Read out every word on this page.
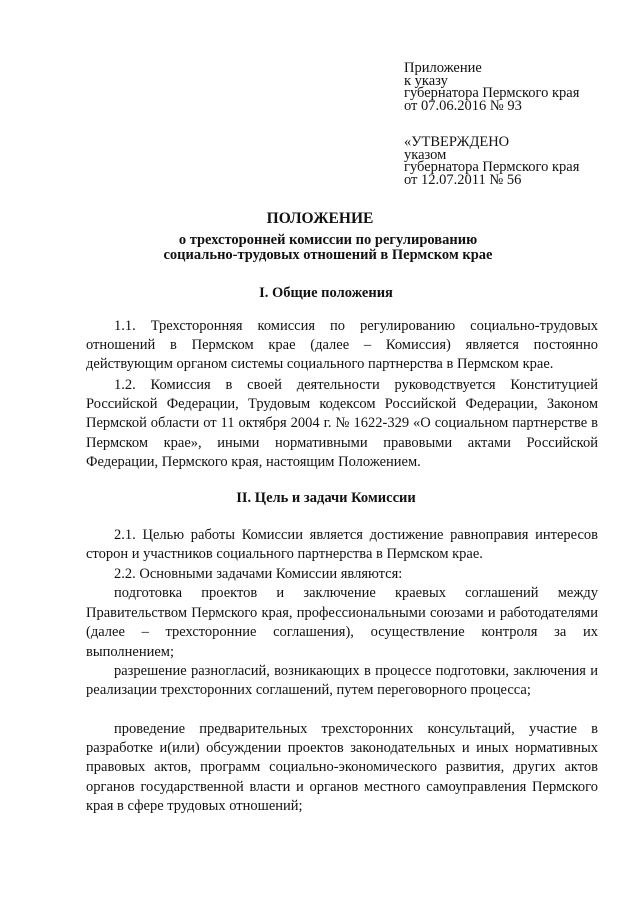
Приложение
к указу
губернатора Пермского края
от 07.06.2016 № 93
«УТВЕРЖДЕНО
указом
губернатора Пермского края
от 12.07.2011 № 56
ПОЛОЖЕНИЕ
о трехсторонней комиссии по регулированию
социально-трудовых отношений в Пермском крае
I. Общие положения
1.1. Трехсторонняя комиссия по регулированию социально-трудовых отношений в Пермском крае (далее – Комиссия) является постоянно действующим органом системы социального партнерства в Пермском крае.
1.2. Комиссия в своей деятельности руководствуется Конституцией Российской Федерации, Трудовым кодексом Российской Федерации, Законом Пермской области от 11 октября 2004 г. № 1622-329 «О социальном партнерстве в Пермском крае», иными нормативными правовыми актами Российской Федерации, Пермского края, настоящим Положением.
II. Цель и задачи Комиссии
2.1. Целью работы Комиссии является достижение равноправия интересов сторон и участников социального партнерства в Пермском крае.
2.2. Основными задачами Комиссии являются:
подготовка проектов и заключение краевых соглашений между Правительством Пермского края, профессиональными союзами и работодателями (далее – трехсторонние соглашения), осуществление контроля за их выполнением;
разрешение разногласий, возникающих в процессе подготовки, заключения и реализации трехсторонних соглашений, путем переговорного процесса;
проведение предварительных трехсторонних консультаций, участие в разработке и(или) обсуждении проектов законодательных и иных нормативных правовых актов, программ социально-экономического развития, других актов органов государственной власти и органов местного самоуправления Пермского края в сфере трудовых отношений;
